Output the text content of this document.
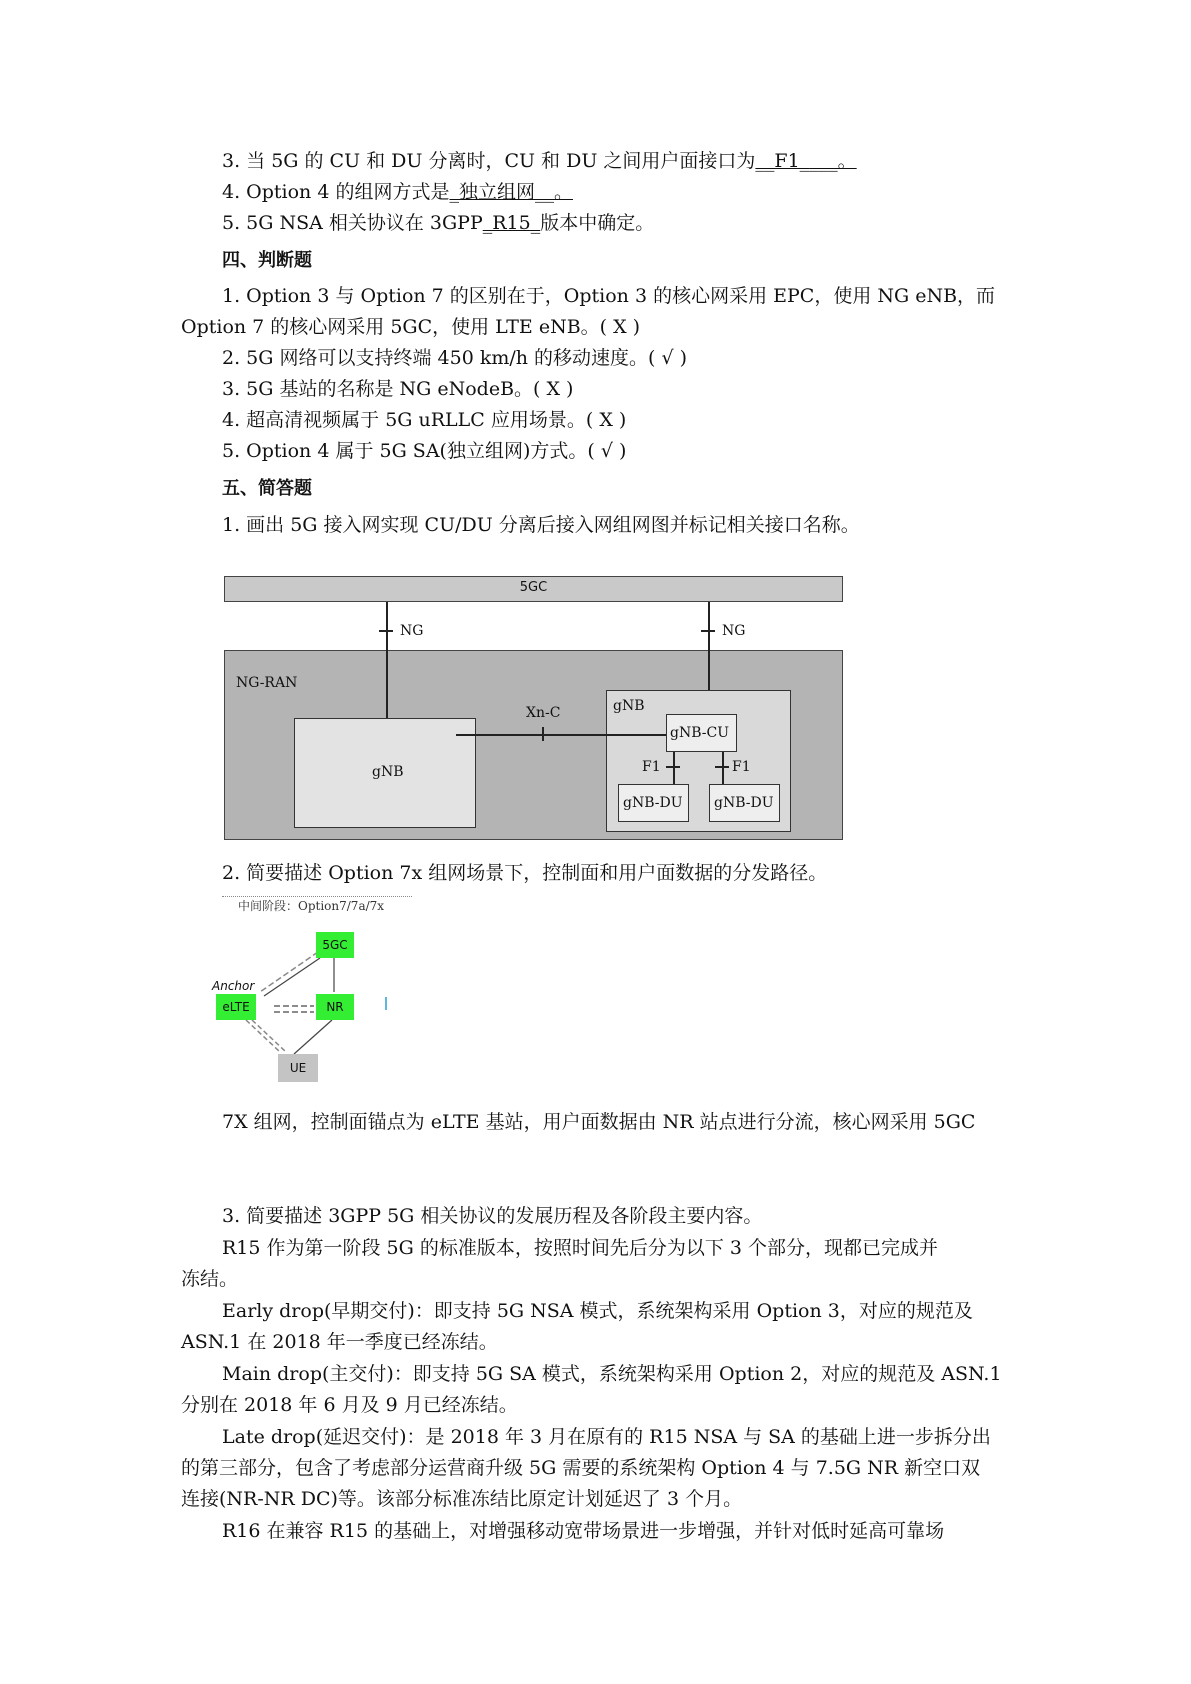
3. 当 5G 的 CU 和 DU 分离时，CU 和 DU 之间用户面接口为__F1____。
4. Option 4 的组网方式是_独立组网__。
5. 5G NSA 相关协议在 3GPP_R15_版本中确定。
四、判断题
1. Option 3 与 Option 7 的区别在于，Option 3 的核心网采用 EPC，使用 NG eNB，而
Option 7 的核心网采用 5GC，使用 LTE eNB。( X )
2. 5G 网络可以支持终端 450 km/h 的移动速度。( √ )
3. 5G 基站的名称是 NG eNodeB。( X )
4. 超高清视频属于 5G uRLLC 应用场景。( X )
5. Option 4 属于 5G SA(独立组网)方式。( √ )
五、简答题
1. 画出 5G 接入网实现 CU/DU 分离后接入网组网图并标记相关接口名称。
5GC
NG	NG
NG-RAN
gNB
gNB
Xn-C
gNB-CU
F1	F1
gNB-DU gNB-DU
2. 简要描述 Option 7x 组网场景下，控制面和用户面数据的分发路径。
中间阶段：Option7/7a/7x
5GC
Anchor
eLTE	NR
UE
7X 组网，控制面锚点为 eLTE 基站，用户面数据由 NR 站点进行分流，核心网采用 5GC
3. 简要描述 3GPP 5G 相关协议的发展历程及各阶段主要内容。
R15 作为第一阶段 5G 的标准版本，按照时间先后分为以下 3 个部分，现都已完成并
冻结。
Early drop(早期交付)：即支持 5G NSA 模式，系统架构采用 Option 3，对应的规范及
ASN.1 在 2018 年一季度已经冻结。
Main drop(主交付)：即支持 5G SA 模式，系统架构采用 Option 2，对应的规范及 ASN.1
分别在 2018 年 6 月及 9 月已经冻结。
Late drop(延迟交付)：是 2018 年 3 月在原有的 R15 NSA 与 SA 的基础上进一步拆分出
的第三部分，包含了考虑部分运营商升级 5G 需要的系统架构 Option 4 与 7.5G NR 新空口双
连接(NR-NR DC)等。该部分标准冻结比原定计划延迟了 3 个月。
R16 在兼容 R15 的基础上，对增强移动宽带场景进一步增强，并针对低时延高可靠场
